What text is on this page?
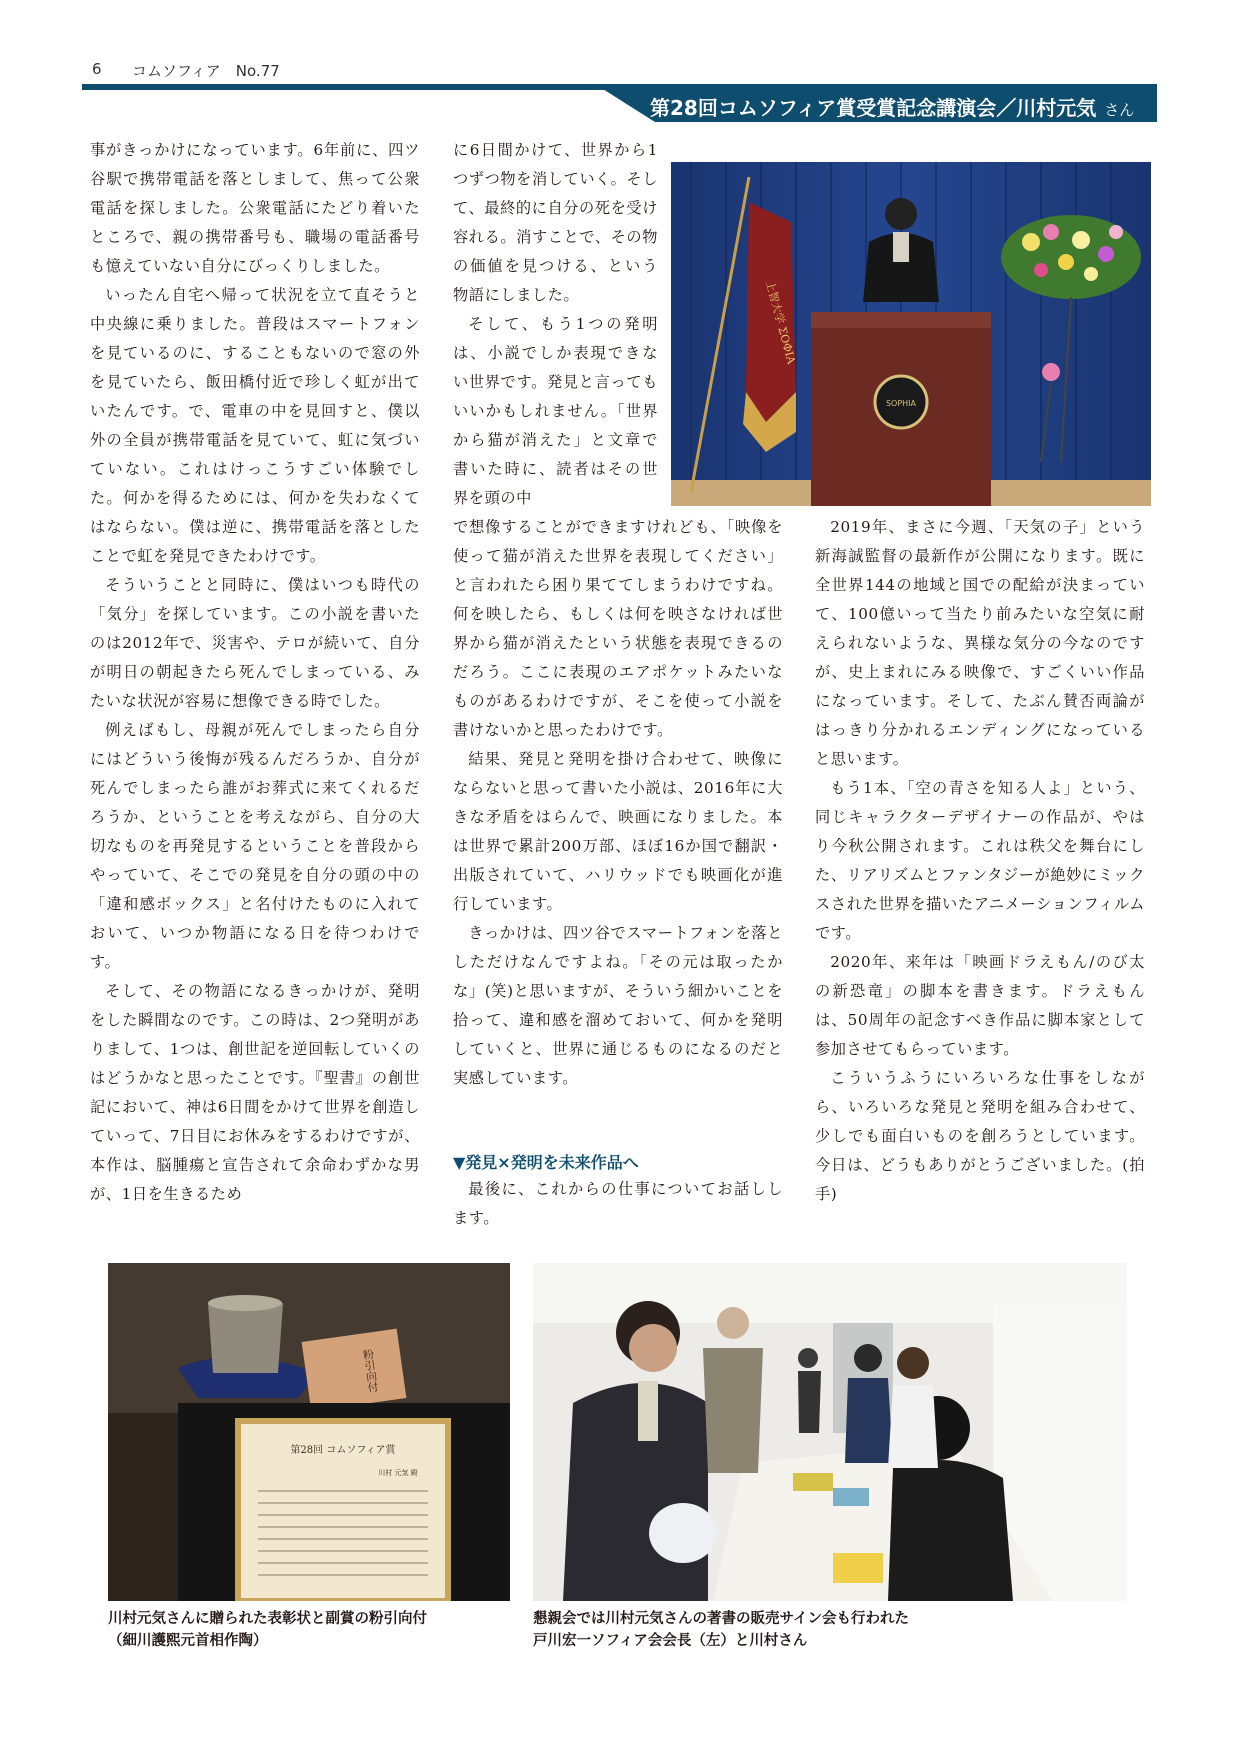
6 コムソフィア　No.77
第28回コムソフィア賞受賞記念講演会／川村元気 さん

事がきっかけになっています。6年前に、四ツ谷駅で携帯電話を落としまして、焦って公衆電話を探しました。公衆電話にたどり着いたところで、親の携帯番号も、職場の電話番号も憶えていない自分にびっくりしました。

いったん自宅へ帰って状況を立て直そうと中央線に乗りました。普段はスマートフォンを見ているのに、することもないので窓の外を見ていたら、飯田橋付近で珍しく虹が出ていたんです。で、電車の中を見回すと、僕以外の全員が携帯電話を見ていて、虹に気づいていない。これはけっこうすごい体験でした。何かを得るためには、何かを失わなくてはならない。僕は逆に、携帯電話を落としたことで虹を発見できたわけです。

そういうことと同時に、僕はいつも時代の「気分」を探しています。この小説を書いたのは2012年で、災害や、テロが続いて、自分が明日の朝起きたら死んでしまっている、みたいな状況が容易に想像できる時でした。

例えばもし、母親が死んでしまったら自分にはどういう後悔が残るんだろうか、自分が死んでしまったら誰がお葬式に来てくれるだろうか、ということを考えながら、自分の大切なものを再発見するということを普段からやっていて、そこでの発見を自分の頭の中の「違和感ボックス」と名付けたものに入れておいて、いつか物語になる日を待つわけです。

そして、その物語になるきっかけが、発明をした瞬間なのです。この時は、2つ発明がありまして、1つは、創世記を逆回転していくのはどうかなと思ったことです。『聖書』の創世記において、神は6日間をかけて世界を創造していって、7日目にお休みをするわけですが、本作は、脳腫瘍と宣告されて余命わずかな男が、1日を生きるため

に6日間かけて、世界から1つずつ物を消していく。そして、最終的に自分の死を受け容れる。消すことで、その物の価値を見つける、という物語にしました。

そして、もう1つの発明は、小説でしか表現できない世界です。発見と言ってもいいかもしれません。「世界から猫が消えた」と文章で書いた時に、読者はその世界を頭の中

で想像することができますけれども、「映像を使って猫が消えた世界を表現してください」と言われたら困り果ててしまうわけですね。何を映したら、もしくは何を映さなければ世界から猫が消えたという状態を表現できるのだろう。ここに表現のエアポケットみたいなものがあるわけですが、そこを使って小説を書けないかと思ったわけです。

結果、発見と発明を掛け合わせて、映像にならないと思って書いた小説は、2016年に大きな矛盾をはらんで、映画になりました。本は世界で累計200万部、ほぼ16か国で翻訳・出版されていて、ハリウッドでも映画化が進行しています。

きっかけは、四ツ谷でスマートフォンを落としただけなんですよね。「その元は取ったかな」(笑)と思いますが、そういう細かいことを拾って、違和感を溜めておいて、何かを発明していくと、世界に通じるものになるのだと実感しています。

▼発見×発明を未来作品へ

最後に、これからの仕事についてお話しします。

2019年、まさに今週、「天気の子」という新海誠監督の最新作が公開になります。既に全世界144の地域と国での配給が決まっていて、100億いって当たり前みたいな空気に耐えられないような、異様な気分の今なのですが、史上まれにみる映像で、すごくいい作品になっています。そして、たぶん賛否両論がはっきり分かれるエンディングになっていると思います。

もう1本、「空の青さを知る人よ」という、同じキャラクターデザイナーの作品が、やはり今秋公開されます。これは秩父を舞台にした、リアリズムとファンタジーが絶妙にミックスされた世界を描いたアニメーションフィルムです。

2020年、来年は「映画ドラえもん/のび太の新恐竜」の脚本を書きます。ドラえもんは、50周年の記念すべき作品に脚本家として参加させてもらっています。

こういうふうにいろいろな仕事をしながら、いろいろな発見と発明を組み合わせて、少しでも面白いものを創ろうとしています。今日は、どうもありがとうございました。(拍手)

上智大学 ΣΟΦΙΑ
SOPHIA
粉引向付
第28回 コムソフィア賞
川村 元気 殿
川村元気さんに贈られた表彰状と副賞の粉引向付
（細川護熙元首相作陶）
懇親会では川村元気さんの著書の販売サイン会も行われた
戸川宏一ソフィア会会長（左）と川村さん
